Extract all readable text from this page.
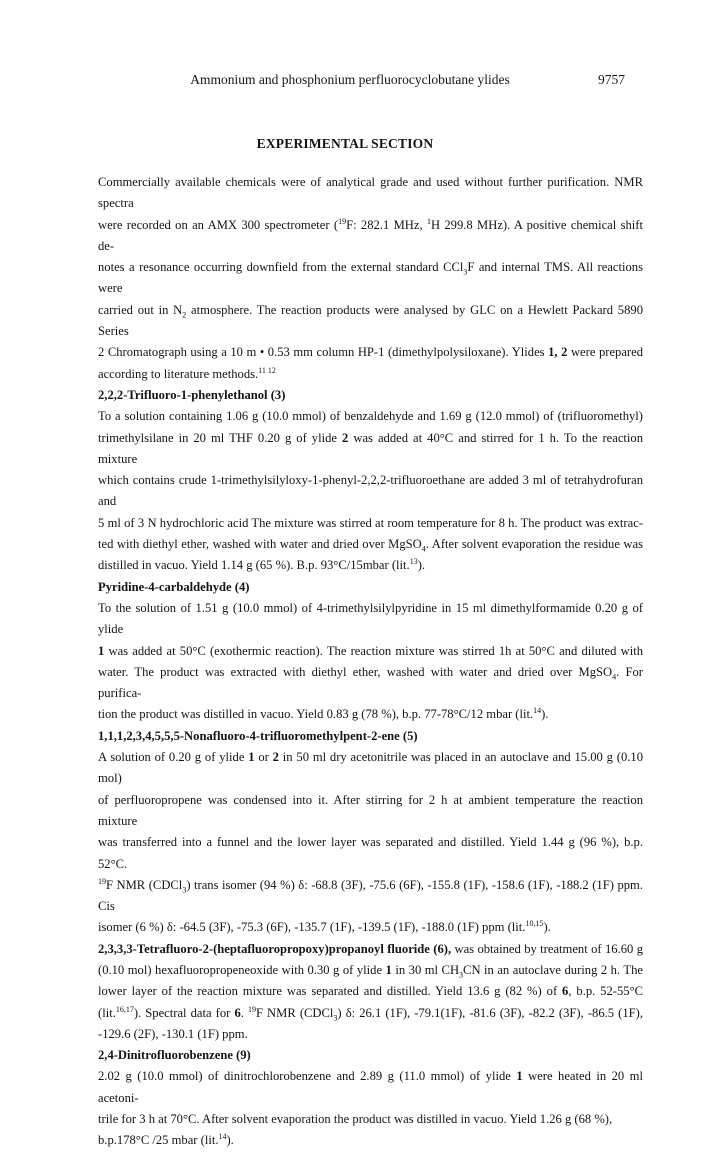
Ammonium and phosphonium perfluorocyclobutane ylides	9757
EXPERIMENTAL SECTION

Commercially available chemicals were of analytical grade and used without further purification. NMR spectra

were recorded on an AMX 300 spectrometer ($^{19}$F: 282.1 MHz, $^1$H 299.8 MHz). A positive chemical shift de-

notes a resonance occurring downfield from the external standard CCl$_3$F and internal TMS. All reactions were

carried out in $N_2$ atmosphere. The reaction products were analysed by GLC on a Hewlett Packard 5890 Series

2 Chromatograph using a 10 m • 0.53 mm column HP-1 (dimethylpolysiloxane). Ylides 1, 2 were prepared

according to literature methods.$^{11 12}$

2,2,2-Trifluoro-1-phenylethanol (3)

To a solution containing 1.06 g (10.0 mmol) of benzaldehyde and 1.69 g (12.0 mmol) of (trifluoromethyl)

trimethylsilane in 20 ml THF 0.20 g of ylide 2 was added at 40°C and stirred for 1 h. To the reaction mixture

which contains crude 1-trimethylsilyloxy-1-phenyl-2,2,2-trifluoroethane are added 3 ml of tetrahydrofuran and

5 ml of 3 N hydrochloric acid The mixture was stirred at room temperature for 8 h. The product was extrac-

ted with diethyl ether, washed with water and dried over MgSO$_4$. After solvent evaporation the residue was

distilled in vacuo. Yield 1.14 g (65 %). B.p. 93°C/15mbar (lit.$^{13}$).

Pyridine-4-carbaldehyde (4)

To the solution of 1.51 g (10.0 mmol) of 4-trimethylsilylpyridine in 15 ml dimethylformamide 0.20 g of ylide

1 was added at 50°C (exothermic reaction). The reaction mixture was stirred 1h at 50°C and diluted with

water. The product was extracted with diethyl ether, washed with water and dried over MgSO$_4$. For purifica-

tion the product was distilled in vacuo. Yield 0.83 g (78 %), b.p. 77-78°C/12 mbar (lit.$^{14}$).

1,1,1,2,3,4,5,5,5-Nonafluoro-4-trifluoromethylpent-2-ene (5)

A solution of 0.20 g of ylide 1 or 2 in 50 ml dry acetonitrile was placed in an autoclave and 15.00 g (0.10 mol)

of perfluoropropene was condensed into it. After stirring for 2 h at ambient temperature the reaction mixture

was transferred into a funnel and the lower layer was separated and distilled. Yield 1.44 g (96 %), b.p. 52°C.

$^{19}$F NMR (CDCl$_3$) trans isomer (94 %) δ: -68.8 (3F), -75.6 (6F), -155.8 (1F), -158.6 (1F), -188.2 (1F) ppm. Cis

isomer (6 %) δ: -64.5 (3F), -75.3 (6F), -135.7 (1F), -139.5 (1F), -188.0 (1F) ppm (lit.$^{10,15}$).

2,3,3,3-Tetrafluoro-2-(heptafluoropropoxy)propanoyl fluoride (6), was obtained by treatment of 16.60 g

(0.10 mol) hexafluoropropeneoxide with 0.30 g of ylide 1 in 30 ml $CH_3CN$ in an autoclave during 2 h. The

lower layer of the reaction mixture was separated and distilled. Yield 13.6 g (82 %) of 6, b.p. 52-55°C

(lit.$^{16,17}$). Spectral data for 6. $^{19}$F NMR (CDCl$_3$) δ: 26.1 (1F), -79.1(1F), -81.6 (3F), -82.2 (3F), -86.5 (1F),

-129.6 (2F), -130.1 (1F) ppm.

2,4-Dinitrofluorobenzene (9)

2.02 g (10.0 mmol) of dinitrochlorobenzene and 2.89 g (11.0 mmol) of ylide 1 were heated in 20 ml acetoni-

trile for 3 h at 70°C. After solvent evaporation the product was distilled in vacuo. Yield 1.26 g (68 %),

b.p.178°C /25 mbar (lit.$^{14}$).
